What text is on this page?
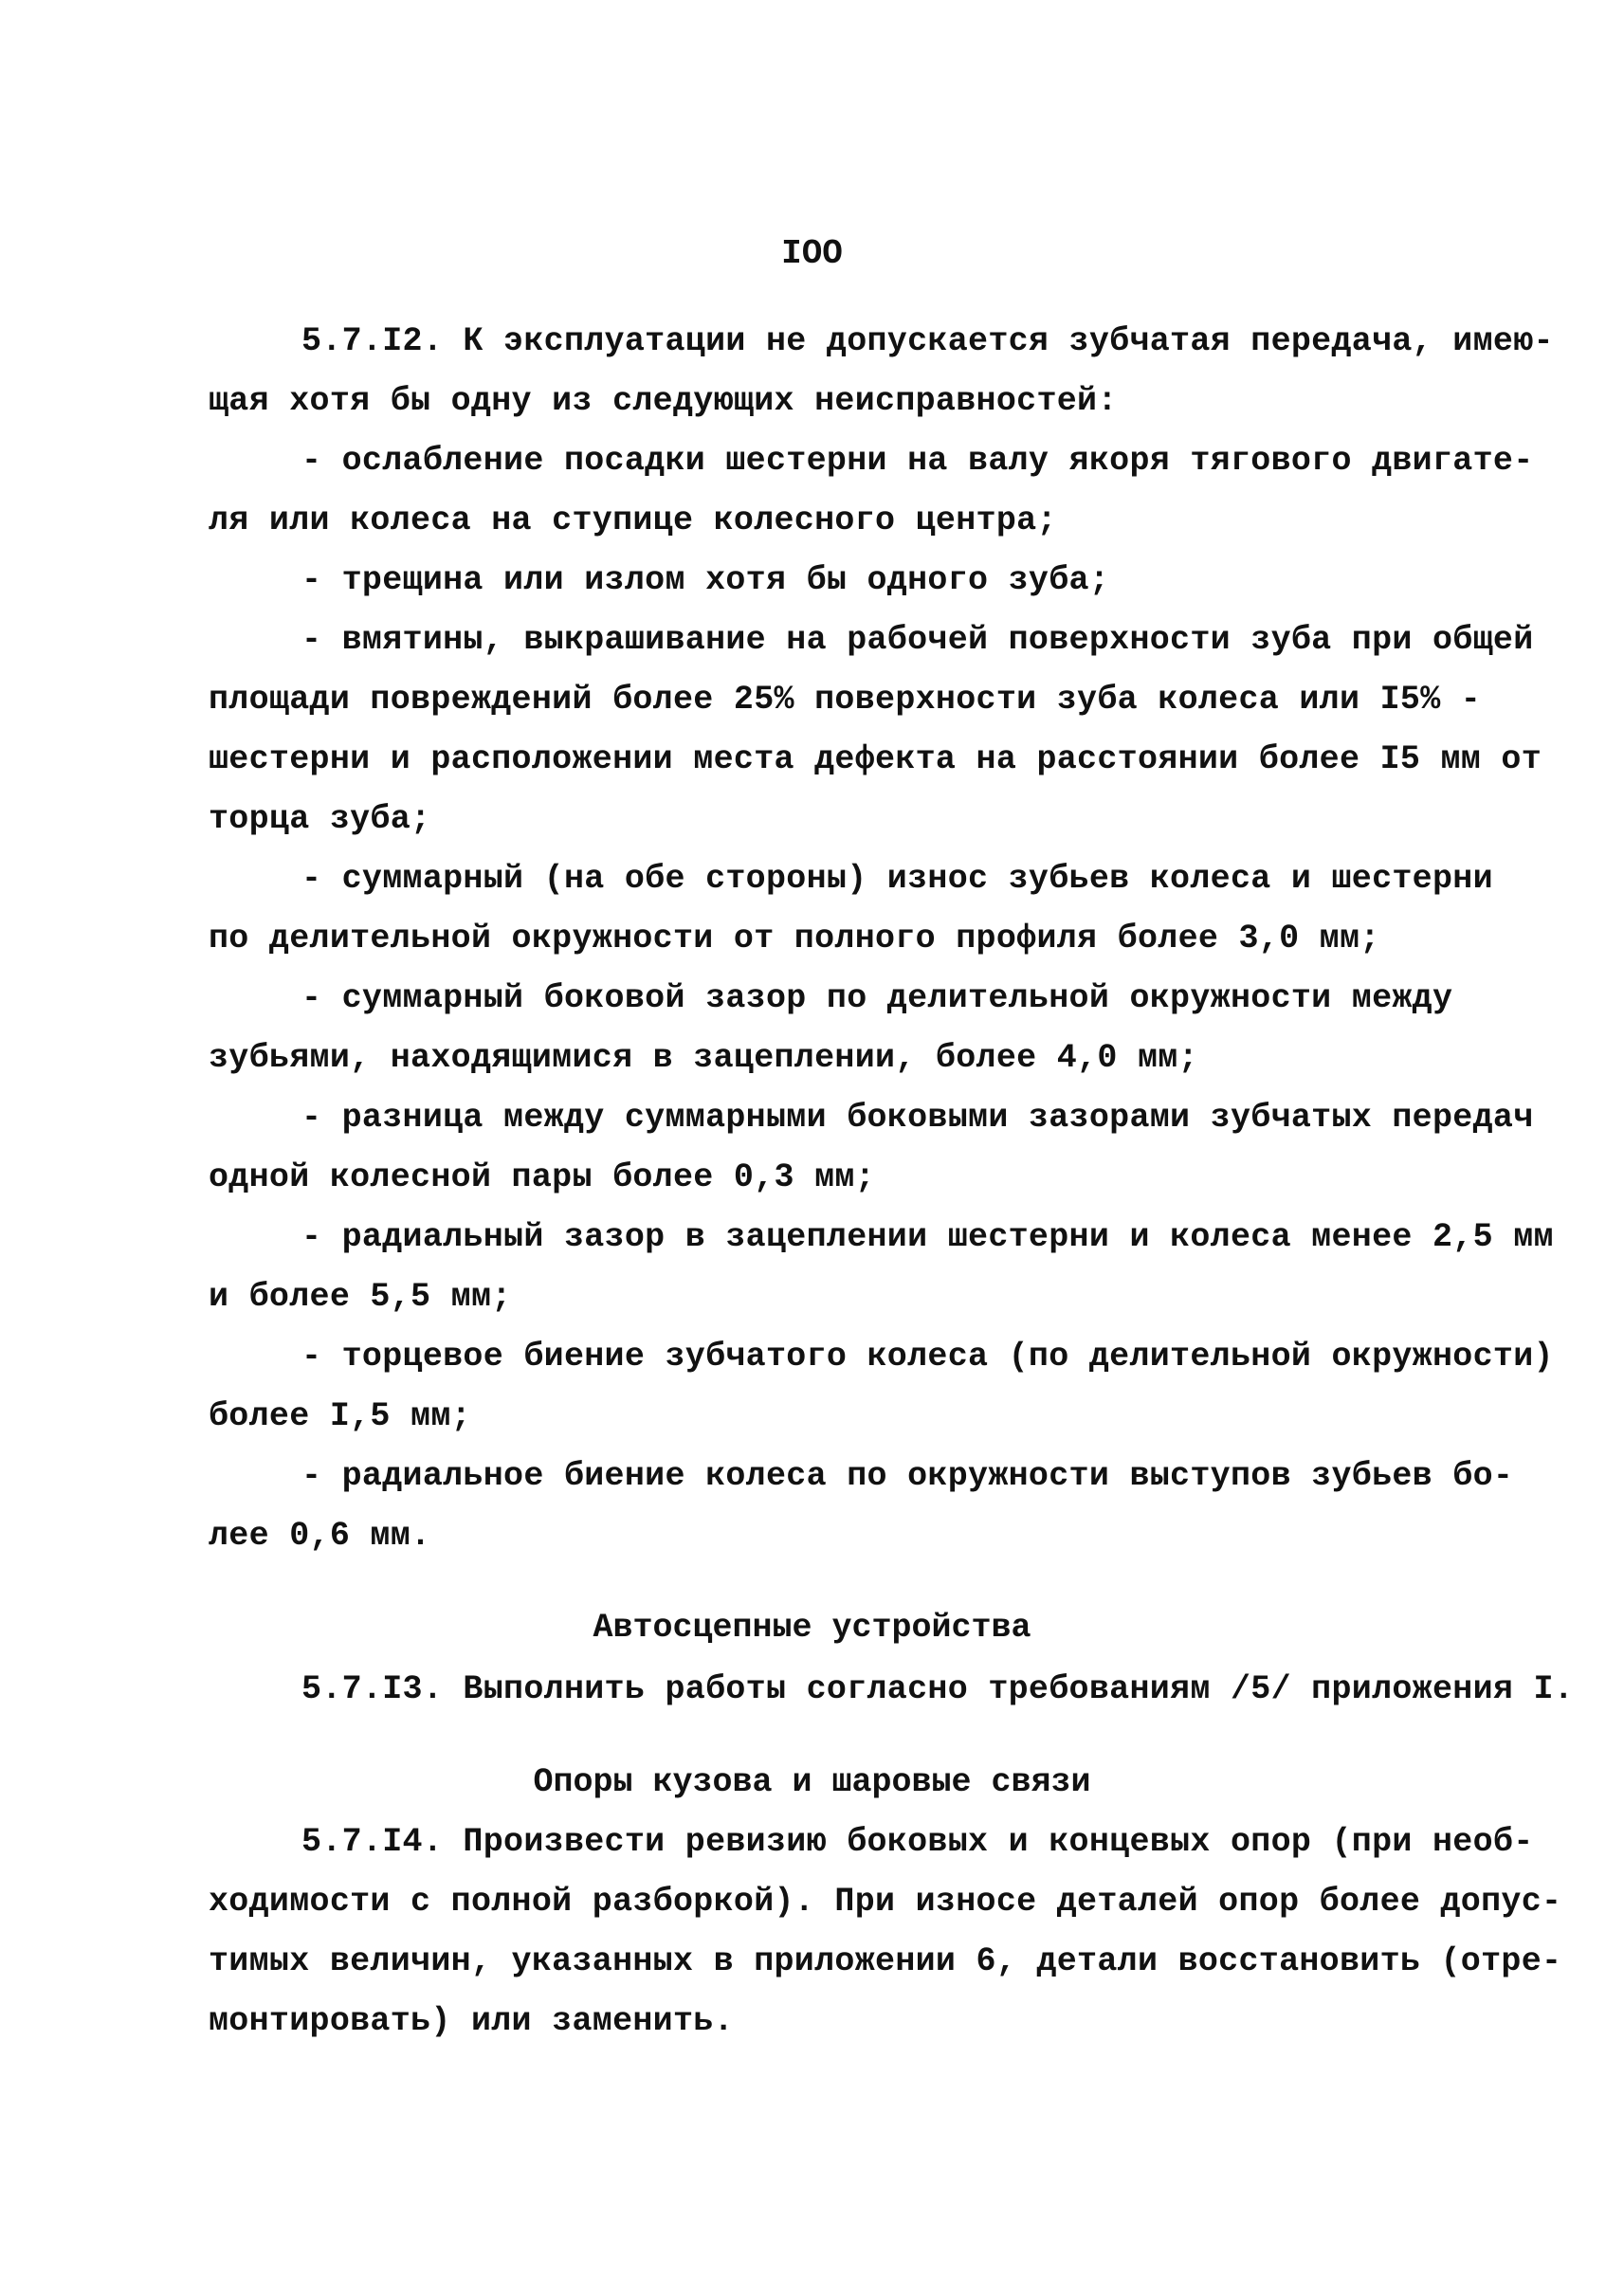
IOO
5.7.I2. К эксплуатации не допускается зубчатая передача, имею-
щая хотя бы одну из следующих неисправностей:
- ослабление посадки шестерни на валу якоря тягового двигате-
ля или колеса на ступице колесного центра;
- трещина или излом хотя бы одного зуба;
- вмятины, выкрашивание на рабочей поверхности зуба при общей
площади повреждений более 25% поверхности зуба колеса или I5% -
шестерни и расположении места дефекта на расстоянии более I5 мм от
торца зуба;
- суммарный (на обе стороны) износ зубьев колеса и шестерни
по делительной окружности от полного профиля более 3,0 мм;
- суммарный боковой зазор по делительной окружности между
зубьями, находящимися в зацеплении, более 4,0 мм;
- разница между суммарными боковыми зазорами зубчатых передач
одной колесной пары более 0,3 мм;
- радиальный зазор в зацеплении шестерни и колеса менее 2,5 мм
и более 5,5 мм;
- торцевое биение зубчатого колеса (по делительной окружности)
более I,5 мм;
- радиальное биение колеса по окружности выступов зубьев бо-
лее 0,6 мм.
Автосцепные устройства
5.7.I3. Выполнить работы согласно требованиям /5/ приложения I.
Опоры кузова и шаровые связи
5.7.I4. Произвести ревизию боковых и концевых опор (при необ-
ходимости с полной разборкой). При износе деталей опор более допус-
тимых величин, указанных в приложении 6, детали восстановить (отре-
монтировать) или заменить.
